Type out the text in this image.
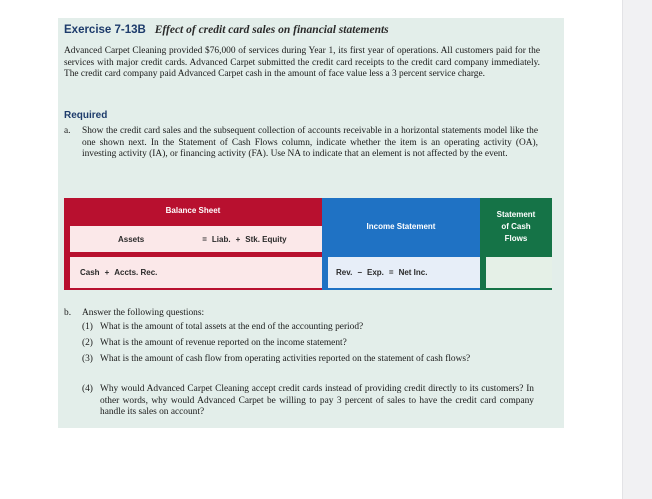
Exercise 7-13B Effect of credit card sales on financial statements
Advanced Carpet Cleaning provided $76,000 of services during Year 1, its first year of operations. All customers paid for the services with major credit cards. Advanced Carpet submitted the credit card receipts to the credit card company immediately. The credit card company paid Advanced Carpet cash in the amount of face value less a 3 percent service charge.
Required
a. Show the credit card sales and the subsequent collection of accounts receivable in a horizontal statements model like the one shown next. In the Statement of Cash Flows column, indicate whether the item is an operating activity (OA), investing activity (IA), or financing activity (FA). Use NA to indicate that an element is not affected by the event.
Balance Sheet
Assets	= Liab. + Stk. Equity
Cash + Accts. Rec.
Income Statement
Rev. − Exp. = Net Inc.
Statement
of Cash
Flows
b. Answer the following questions:
(1) What is the amount of total assets at the end of the accounting period?
(2) What is the amount of revenue reported on the income statement?
(3) What is the amount of cash flow from operating activities reported on the statement of cash flows?
(4) Why would Advanced Carpet Cleaning accept credit cards instead of providing credit directly to its customers? In other words, why would Advanced Carpet be willing to pay 3 percent of sales to have the credit card company handle its sales on account?
